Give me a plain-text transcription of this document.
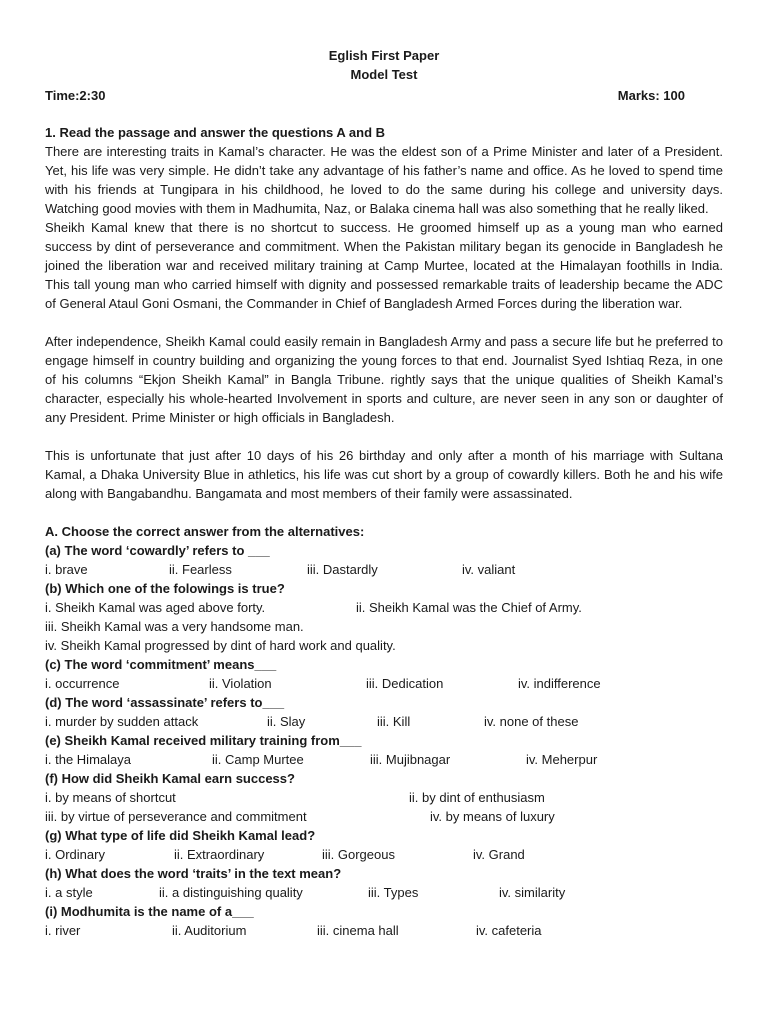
Eglish First Paper
Model Test
Time:2:30	Marks: 100
1. Read the passage and answer the questions A and B

There are interesting traits in Kamal’s character. He was the eldest son of a Prime Minister and later of a President. Yet, his life was very simple. He didn’t take any advantage of his father’s name and office. As he loved to spend time with his friends at Tungipara in his childhood, he loved to do the same during his college and university days. Watching good movies with them in Madhumita, Naz, or Balaka cinema hall was also something that he really liked.

Sheikh Kamal knew that there is no shortcut to success. He groomed himself up as a young man who earned success by dint of perseverance and commitment. When the Pakistan military began its genocide in Bangladesh he joined the liberation war and received military training at Camp Murtee, located at the Himalayan foothills in India. This tall young man who carried himself with dignity and possessed remarkable traits of leadership became the ADC of General Ataul Goni Osmani, the Commander in Chief of Bangladesh Armed Forces during the liberation war.

After independence, Sheikh Kamal could easily remain in Bangladesh Army and pass a secure life but he preferred to engage himself in country building and organizing the young forces to that end. Journalist Syed Ishtiaq Reza, in one of his columns “Ekjon Sheikh Kamal” in Bangla Tribune. rightly says that the unique qualities of Sheikh Kamal’s character, especially his whole-hearted Involvement in sports and culture, are never seen in any son or daughter of any President. Prime Minister or high officials in Bangladesh.

This is unfortunate that just after 10 days of his 26 birthday and only after a month of his marriage with Sultana Kamal, a Dhaka University Blue in athletics, his life was cut short by a group of cowardly killers. Both he and his wife along with Bangabandhu. Bangamata and most members of their family were assassinated.

A. Choose the correct answer from the alternatives:
(a) The word ‘cowardly’ refers to ___
i. brave	ii. Fearless	iii. Dastardly	iv. valiant
(b) Which one of the folowings is true?
i. Sheikh Kamal was aged above forty.	ii. Sheikh Kamal was the Chief of Army.
iii. Sheikh Kamal was a very handsome man.
iv. Sheikh Kamal progressed by dint of hard work and quality.
(c) The word ‘commitment’ means___
i. occurrence	ii. Violation	iii. Dedication	iv. indifference
(d) The word ‘assassinate’ refers to___
i. murder by sudden attack	ii. Slay	iii. Kill	iv. none of these
(e) Sheikh Kamal received military training from___
i. the Himalaya	ii. Camp Murtee	iii. Mujibnagar	iv. Meherpur
(f) How did Sheikh Kamal earn success?
i. by means of shortcut	ii. by dint of enthusiasm
iii. by virtue of perseverance and commitment	iv. by means of luxury
(g) What type of life did Sheikh Kamal lead?
i. Ordinary	ii. Extraordinary	iii. Gorgeous	iv. Grand
(h) What does the word ‘traits’ in the text mean?
i. a style	ii. a distinguishing quality	iii. Types	iv. similarity
(i) Modhumita is the name of a___
i. river	ii. Auditorium	iii. cinema hall	iv. cafeteria
